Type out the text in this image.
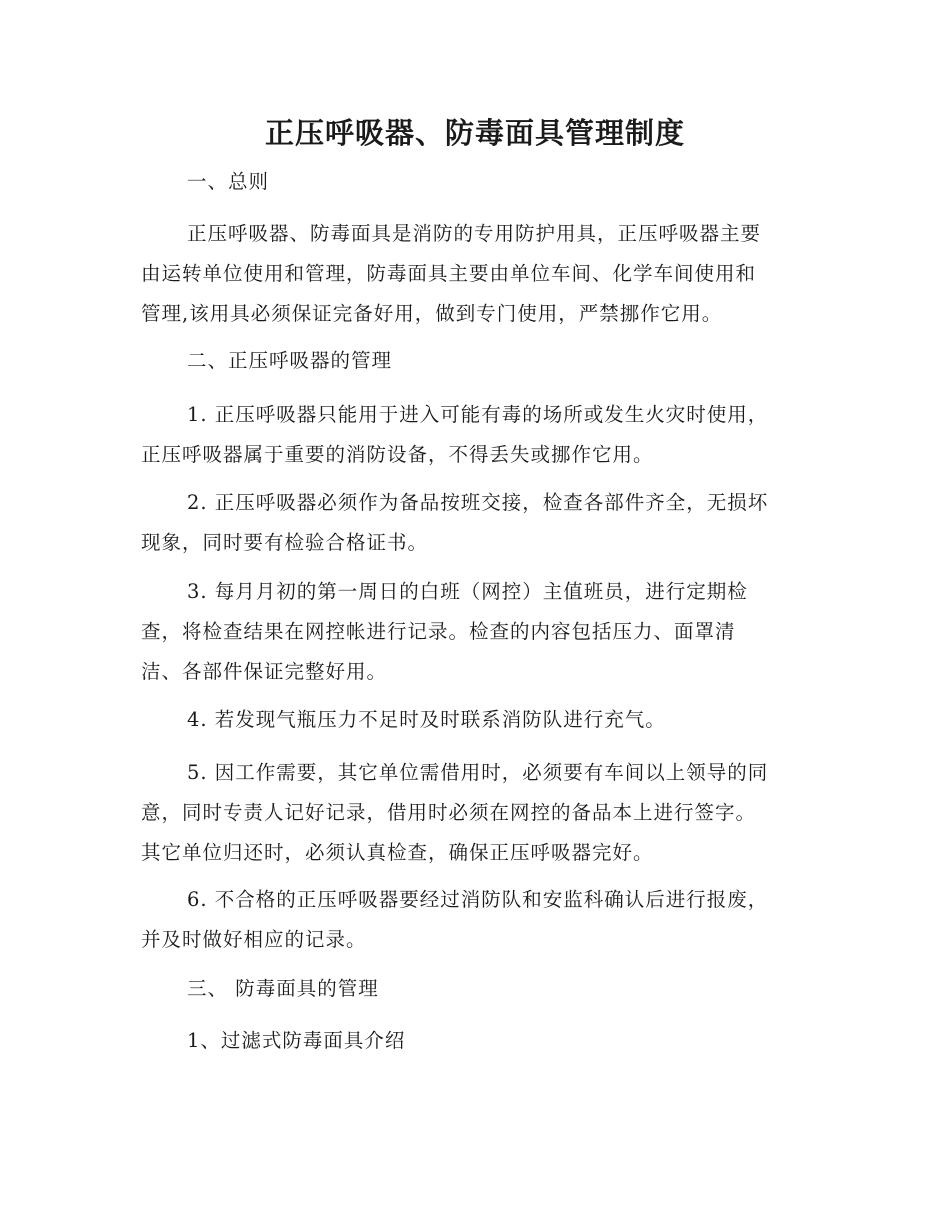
正压呼吸器、防毒面具管理制度

一、总则

正压呼吸器、防毒面具是消防的专用防护用具，正压呼吸器主要
由运转单位使用和管理，防毒面具主要由单位车间、化学车间使用和
管理,该用具必须保证完备好用，做到专门使用，严禁挪作它用。

二、正压呼吸器的管理

1. 正压呼吸器只能用于进入可能有毒的场所或发生火灾时使用，
正压呼吸器属于重要的消防设备，不得丢失或挪作它用。

2. 正压呼吸器必须作为备品按班交接，检查各部件齐全，无损坏
现象，同时要有检验合格证书。

3. 每月月初的第一周日的白班（网控）主值班员，进行定期检
查，将检查结果在网控帐进行记录。检查的内容包括压力、面罩清
洁、各部件保证完整好用。

4. 若发现气瓶压力不足时及时联系消防队进行充气。

5. 因工作需要，其它单位需借用时，必须要有车间以上领导的同
意，同时专责人记好记录，借用时必须在网控的备品本上进行签字。
其它单位归还时，必须认真检查，确保正压呼吸器完好。

6. 不合格的正压呼吸器要经过消防队和安监科确认后进行报废，
并及时做好相应的记录。

三、 防毒面具的管理

1、过滤式防毒面具介绍
